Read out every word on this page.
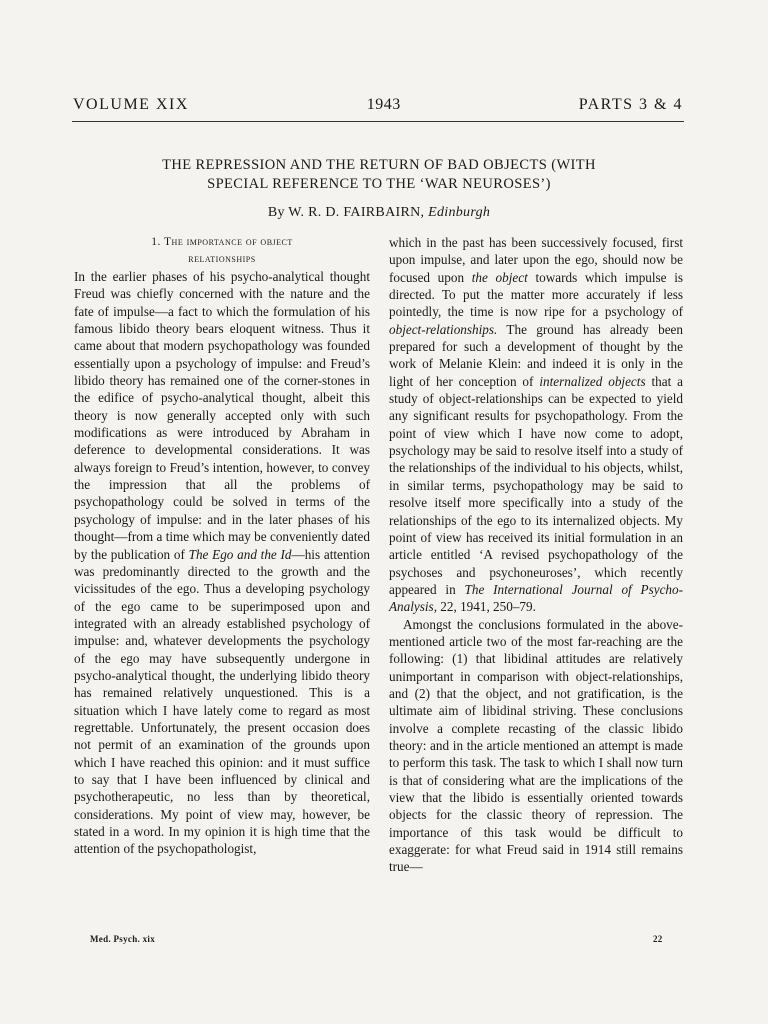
VOLUME XIX	1943	PARTS 3 & 4
THE REPRESSION AND THE RETURN OF BAD OBJECTS (WITH
SPECIAL REFERENCE TO THE ‘WAR NEUROSES’)
By W. R. D. FAIRBAIRN, Edinburgh
1. The importance of object
relationships

In the earlier phases of his psycho-analytical thought Freud was chiefly concerned with the nature and the fate of impulse—a fact to which the formulation of his famous libido theory bears eloquent witness. Thus it came about that modern psychopathology was founded essentially upon a psychology of impulse: and Freud’s libido theory has remained one of the corner-stones in the edifice of psycho-analytical thought, albeit this theory is now generally accepted only with such modifications as were introduced by Abraham in deference to developmental considerations. It was always foreign to Freud’s intention, however, to convey the impression that all the problems of psychopathology could be solved in terms of the psychology of impulse: and in the later phases of his thought—from a time which may be conveniently dated by the publication of The Ego and the Id—his attention was predominantly directed to the growth and the vicissitudes of the ego. Thus a developing psychology of the ego came to be superimposed upon and integrated with an already established psychology of impulse: and, whatever developments the psychology of the ego may have subsequently undergone in psycho-analytical thought, the underlying libido theory has remained relatively unquestioned. This is a situation which I have lately come to regard as most regrettable. Unfortunately, the present occasion does not permit of an examination of the grounds upon which I have reached this opinion: and it must suffice to say that I have been influenced by clinical and psychotherapeutic, no less than by theoretical, considerations. My point of view may, however, be stated in a word. In my opinion it is high time that the attention of the psychopathologist,

which in the past has been successively focused, first upon impulse, and later upon the ego, should now be focused upon the object towards which impulse is directed. To put the matter more accurately if less pointedly, the time is now ripe for a psychology of object-relationships. The ground has already been prepared for such a development of thought by the work of Melanie Klein: and indeed it is only in the light of her conception of internalized objects that a study of object-relationships can be expected to yield any significant results for psychopathology. From the point of view which I have now come to adopt, psychology may be said to resolve itself into a study of the relationships of the individual to his objects, whilst, in similar terms, psychopathology may be said to resolve itself more specifically into a study of the relationships of the ego to its internalized objects. My point of view has received its initial formulation in an article entitled ‘A revised psychopathology of the psychoses and psychoneuroses’, which recently appeared in The International Journal of Psycho-Analysis, 22, 1941, 250–79.

Amongst the conclusions formulated in the above-mentioned article two of the most far-reaching are the following: (1) that libidinal attitudes are relatively unimportant in comparison with object-relationships, and (2) that the object, and not gratification, is the ultimate aim of libidinal striving. These conclusions involve a complete recasting of the classic libido theory: and in the article mentioned an attempt is made to perform this task. The task to which I shall now turn is that of considering what are the implications of the view that the libido is essentially oriented towards objects for the classic theory of repression. The importance of this task would be difficult to exaggerate: for what Freud said in 1914 still remains true—

Med. Psych. xix	22
